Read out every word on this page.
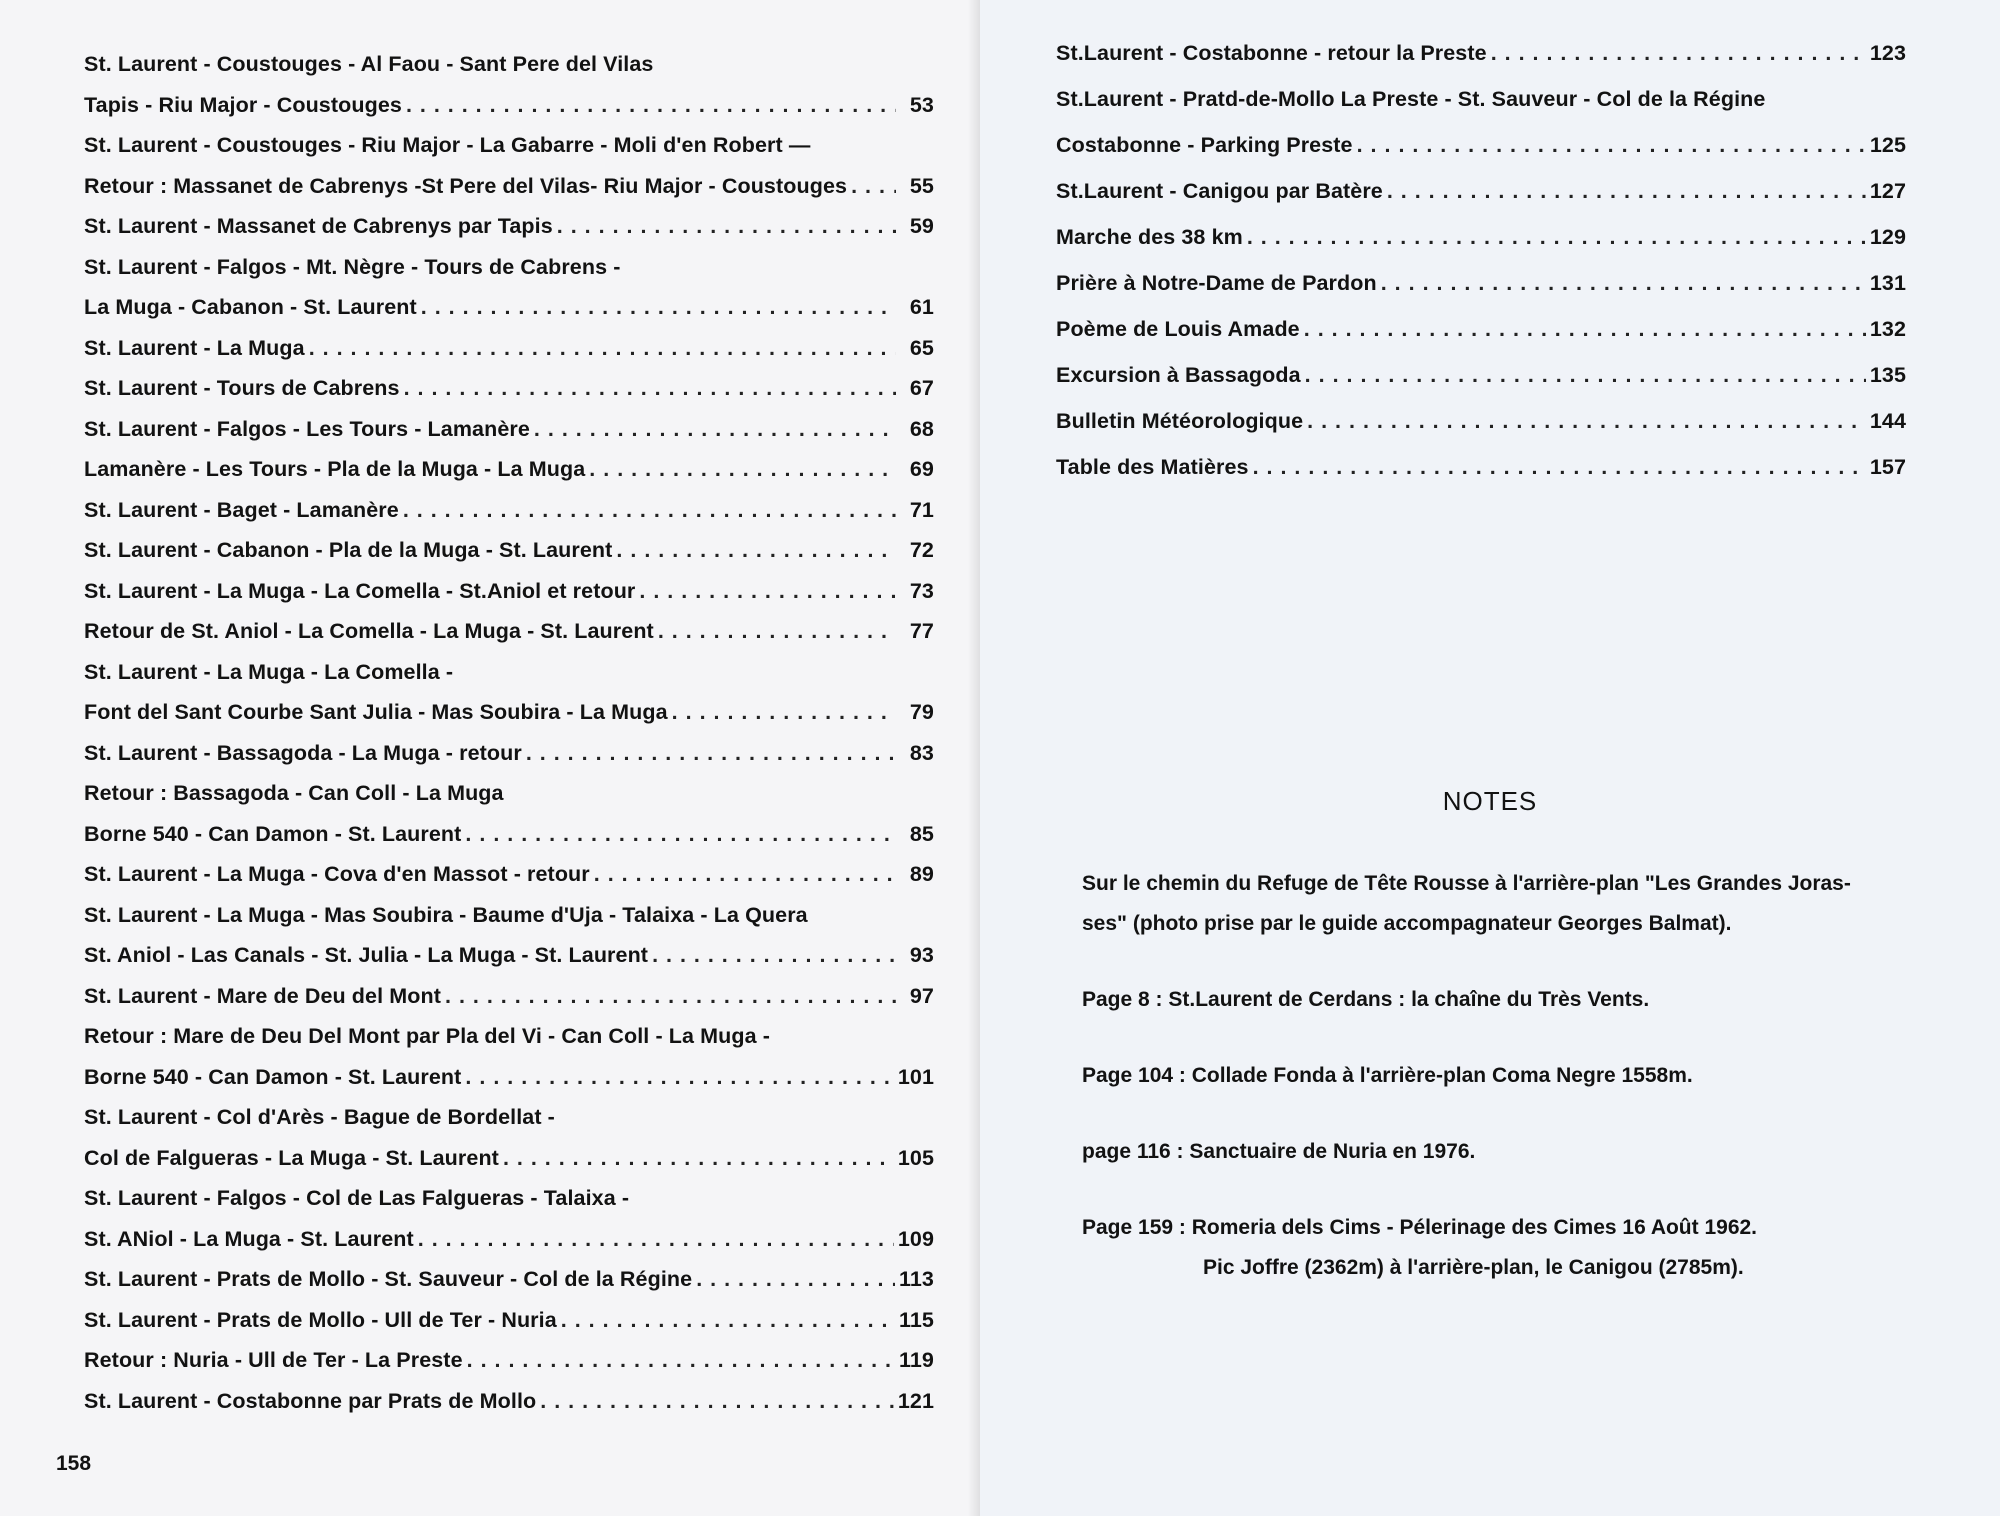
St. Laurent - Coustouges - Al Faou - Sant Pere del Vilas
Tapis - Riu Major - Coustouges . . .	53
St. Laurent - Coustouges - Riu Major - La Gabarre - Moli d'en Robert —
Retour : Massanet de Cabrenys -St Pere del Vilas- Riu Major - Coustouges . . .	55
St. Laurent - Massanet de Cabrenys par Tapis . . .	59
St. Laurent - Falgos - Mt. Nègre - Tours de Cabrens -
La Muga - Cabanon - St. Laurent . . .	61
St. Laurent - La Muga . . .	65
St. Laurent - Tours de Cabrens . . .	67
St. Laurent - Falgos - Les Tours - Lamanère . . .	68
Lamanère - Les Tours - Pla de la Muga - La Muga . . .	69
St. Laurent - Baget - Lamanère . . .	71
St. Laurent - Cabanon - Pla de la Muga - St. Laurent . . .	72
St. Laurent - La Muga - La Comella - St.Aniol et retour . . .	73
Retour de St. Aniol - La Comella - La Muga - St. Laurent . . .	77
St. Laurent - La Muga - La Comella -
Font del Sant Courbe Sant Julia - Mas Soubira - La Muga . . .	79
St. Laurent - Bassagoda - La Muga - retour . . .	83
Retour : Bassagoda - Can Coll - La Muga
Borne 540 - Can Damon - St. Laurent . . .	85
St. Laurent - La Muga - Cova d'en Massot - retour . . .	89
St. Laurent - La Muga - Mas Soubira - Baume d'Uja - Talaixa - La Quera
St. Aniol - Las Canals - St. Julia - La Muga - St. Laurent . . .	93
St. Laurent - Mare de Deu del Mont . . .	97
Retour : Mare de Deu Del Mont par Pla del Vi - Can Coll - La Muga -
Borne 540 - Can Damon - St. Laurent . . .	101
St. Laurent - Col d'Arès - Bague de Bordellat -
Col de Falgueras - La Muga - St. Laurent . . .	105
St. Laurent - Falgos - Col de Las Falgueras - Talaixa -
St. ANiol - La Muga - St. Laurent . . .	109
St. Laurent - Prats de Mollo - St. Sauveur - Col de la Régine . . .	113
St. Laurent - Prats de Mollo - Ull de Ter - Nuria . . .	115
Retour : Nuria - Ull de Ter - La Preste . . .	119
St. Laurent - Costabonne par Prats de Mollo . . .	121
158
St.Laurent - Costabonne - retour la Preste . . .	123
St.Laurent - Pratd-de-Mollo La Preste - St. Sauveur - Col de la Régine
Costabonne - Parking Preste . . .	125
St.Laurent - Canigou par Batère . . .	127
Marche des 38 km . . .	129
Prière à Notre-Dame de Pardon . . .	131
Poème de Louis Amade . . .	132
Excursion à Bassagoda . . .	135
Bulletin Météorologique . . .	144
Table des Matières . . .	157
NOTES

Sur le chemin du Refuge de Tête Rousse à l'arrière-plan "Les Grandes Joras-

ses" (photo prise par le guide accompagnateur Georges Balmat).

Page 8 : St.Laurent de Cerdans : la chaîne du Très Vents.

Page 104 : Collade Fonda à l'arrière-plan Coma Negre 1558m.

page 116 : Sanctuaire de Nuria en 1976.

Page 159 : Romeria dels Cims - Pélerinage des Cimes 16 Août 1962.

Pic Joffre (2362m) à l'arrière-plan, le Canigou (2785m).
